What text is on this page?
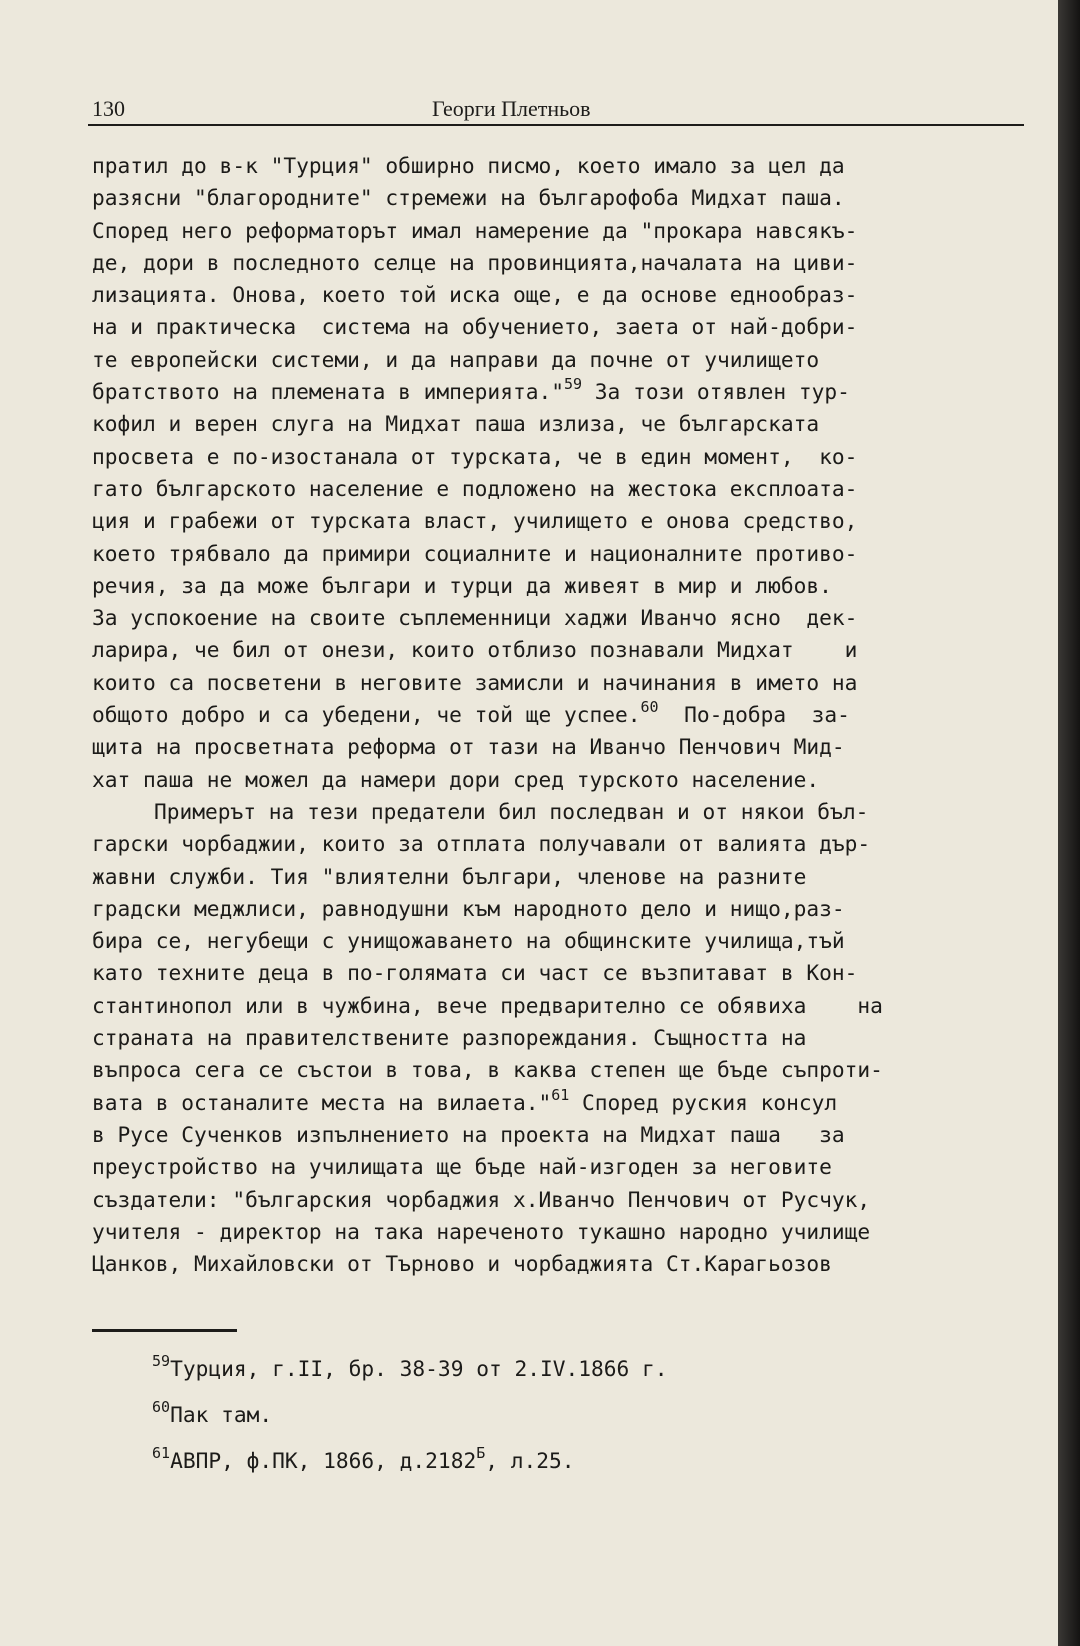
130	Георги Плетньов
пратил до в-к "Турция" обширно писмо, което имало за цел да
разясни "благородните" стремежи на българофоба Мидхат паша.
Според него реформаторът имал намерение да "прокара навсякъ-
де, дори в последното селце на провинцията,началата на циви-
лизацията. Онова, което той иска още, е да основе еднообраз-
на и практическа  система на обучението, заета от най-добри-
те европейски системи, и да направи да почне от училището
братството на племената в империята."$^{59}$ За този отявлен тур-
кофил и верен слуга на Мидхат паша излиза, че българската
просвета е по-изостанала от турската, че в един момент,  ко-
гато българското население е подложено на жестока експлоата-
ция и грабежи от турската власт, училището е онова средство,
което трябвало да примири социалните и националните противо-
речия, за да може българи и турци да живеят в мир и любов.
За успокоение на своите съплеменници хаджи Иванчо ясно  дек-
ларира, че бил от онези, които отблизо познавали Мидхат    и
които са посветени в неговите замисли и начинания в името на
общото добро и са убедени, че той ще успее.$^{60}$  По-добра  за-
щита на просветната реформа от тази на Иванчо Пенчович Мид-
хат паша не можел да намери дори сред турското население.
Примерът на тези предатели бил последван и от някои бъл-
гарски чорбаджии, които за отплата получавали от валията дър-
жавни служби. Тия "влиятелни българи, членове на разните
градски меджлиси, равнодушни към народното дело и нищо,раз-
бира се, негубещи с унищожаването на общинските училища,тъй
като техните деца в по-голямата си част се възпитават в Кон-
стантинопол или в чужбина, вече предварително се обявиха    на
страната на правителствените разпореждания. Същността на
въпроса сега се състои в това, в каква степен ще бъде съпроти-
вата в останалите места на вилаета."$^{61}$ Според руския консул
в Русе Сученков изпълнението на проекта на Мидхат паша   за
преустройство на училищата ще бъде най-изгоден за неговите
създатели: "българския чорбаджия х.Иванчо Пенчович от Русчук,
учителя - директор на така нареченото тукашно народно училище
Цанков, Михайловски от Търново и чорбаджията Ст.Карагьозов
$^{59}$Турция, г.II, бр. 38-39 от 2.IV.1866 г.
$^{60}$Пак там.
$^{61}$АВПР, ф.ПК, 1866, $д.2182^Б$, л.25.
